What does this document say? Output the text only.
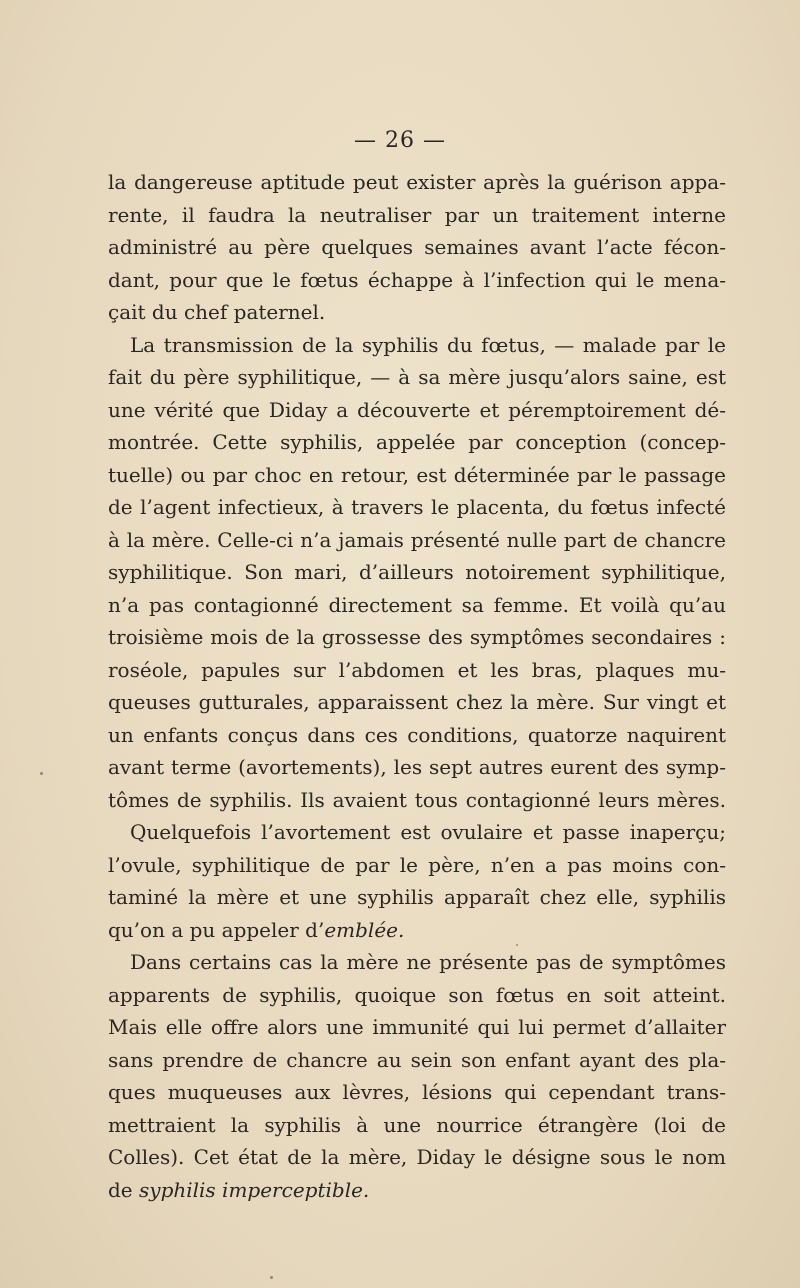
— 26 —
la dangereuse aptitude peut exister après la guérison appa-
rente, il faudra la neutraliser par un traitement interne
administré au père quelques semaines avant l’acte fécon-
dant, pour que le fœtus échappe à l’infection qui le mena-
çait du chef paternel.
La transmission de la syphilis du fœtus, — malade par le
fait du père syphilitique, — à sa mère jusqu’alors saine, est
une vérité que Diday a découverte et péremptoirement dé-
montrée. Cette syphilis, appelée par conception (concep-
tuelle) ou par choc en retour, est déterminée par le passage
de l’agent infectieux, à travers le placenta, du fœtus infecté
à la mère. Celle-ci n’a jamais présenté nulle part de chancre
syphilitique. Son mari, d’ailleurs notoirement syphilitique,
n’a pas contagionné directement sa femme. Et voilà qu’au
troisième mois de la grossesse des symptômes secondaires :
roséole, papules sur l’abdomen et les bras, plaques mu-
queuses gutturales, apparaissent chez la mère. Sur vingt et
un enfants conçus dans ces conditions, quatorze naquirent
avant terme (avortements), les sept autres eurent des symp-
tômes de syphilis. Ils avaient tous contagionné leurs mères.
Quelquefois l’avortement est ovulaire et passe inaperçu;
l’ovule, syphilitique de par le père, n’en a pas moins con-
taminé la mère et une syphilis apparaît chez elle, syphilis
qu’on a pu appeler d’emblée.
Dans certains cas la mère ne présente pas de symptômes
apparents de syphilis, quoique son fœtus en soit atteint.
Mais elle offre alors une immunité qui lui permet d’allaiter
sans prendre de chancre au sein son enfant ayant des pla-
ques muqueuses aux lèvres, lésions qui cependant trans-
mettraient la syphilis à une nourrice étrangère (loi de
Colles). Cet état de la mère, Diday le désigne sous le nom
de syphilis imperceptible.
